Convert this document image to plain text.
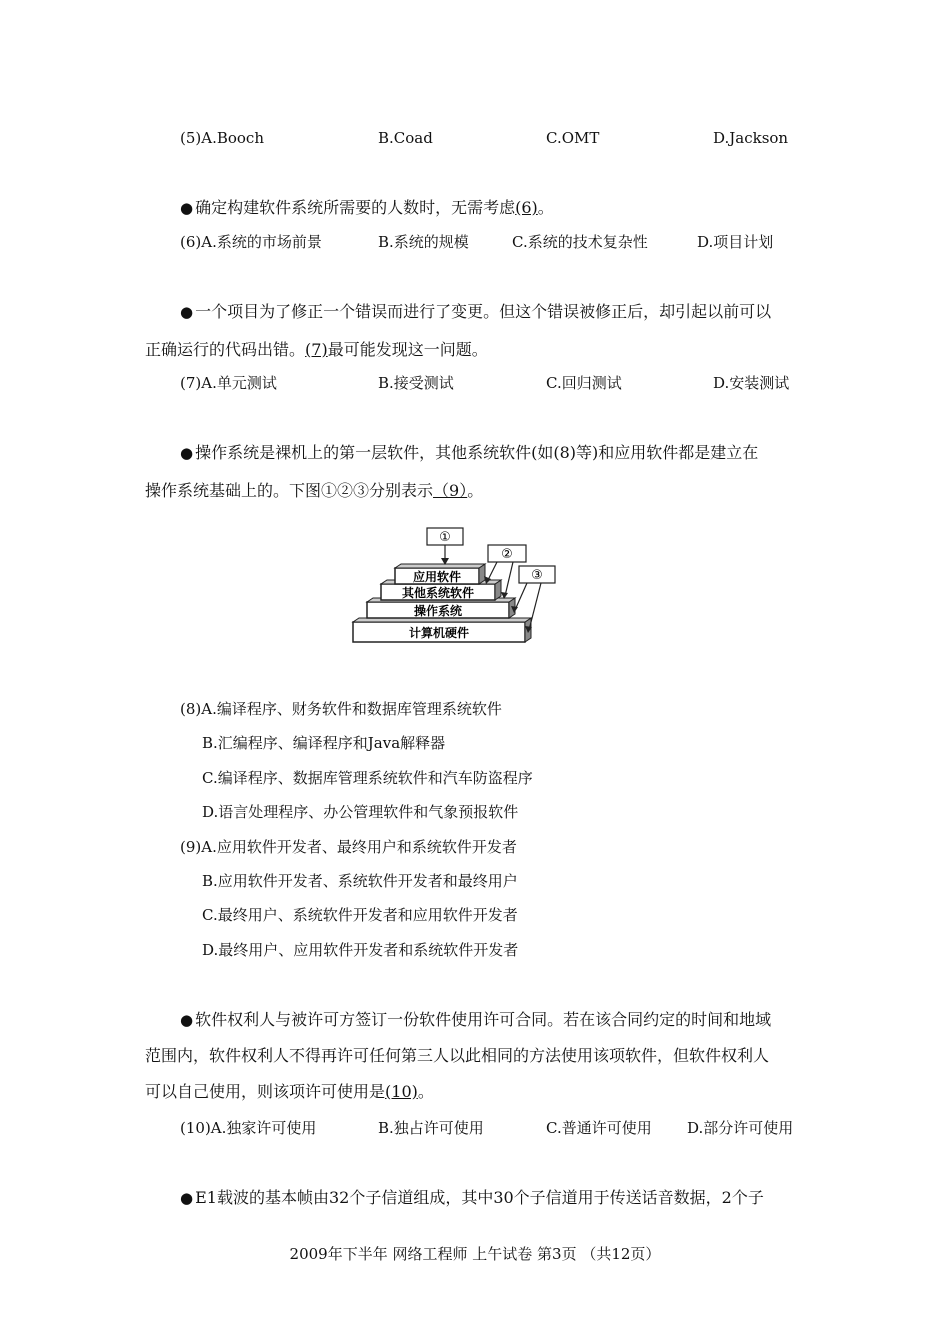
(5)A.Booch	B.Coad	C.OMT	D.Jackson
● 确定构建软件系统所需要的人数时，无需考虑(6)。
(6)A.系统的市场前景	B.系统的规模	C.系统的技术复杂性	D.项目计划
● 一个项目为了修正一个错误而进行了变更。但这个错误被修正后，却引起以前可以
正确运行的代码出错。(7)最可能发现这一问题。
(7)A.单元测试	B.接受测试	C.回归测试	D.安装测试
● 操作系统是裸机上的第一层软件，其他系统软件(如(8)等)和应用软件都是建立在
操作系统基础上的。下图①②③分别表示（9）。
计算机硬件
操作系统
其他系统软件
应用软件
①
②
③
(8)A.编译程序、财务软件和数据库管理系统软件
B.汇编程序、编译程序和Java解释器
C.编译程序、数据库管理系统软件和汽车防盗程序
D.语言处理程序、办公管理软件和气象预报软件
(9)A.应用软件开发者、最终用户和系统软件开发者
B.应用软件开发者、系统软件开发者和最终用户
C.最终用户、系统软件开发者和应用软件开发者
D.最终用户、应用软件开发者和系统软件开发者
● 软件权利人与被许可方签订一份软件使用许可合同。若在该合同约定的时间和地域
范围内，软件权利人不得再许可任何第三人以此相同的方法使用该项软件，但软件权利人
可以自己使用，则该项许可使用是(10)。
(10)A.独家许可使用	B.独占许可使用	C.普通许可使用 D.部分许可使用
● E1载波的基本帧由32个子信道组成，其中30个子信道用于传送话音数据，2个子
2009年下半年 网络工程师 上午试卷 第3页 （共12页）
